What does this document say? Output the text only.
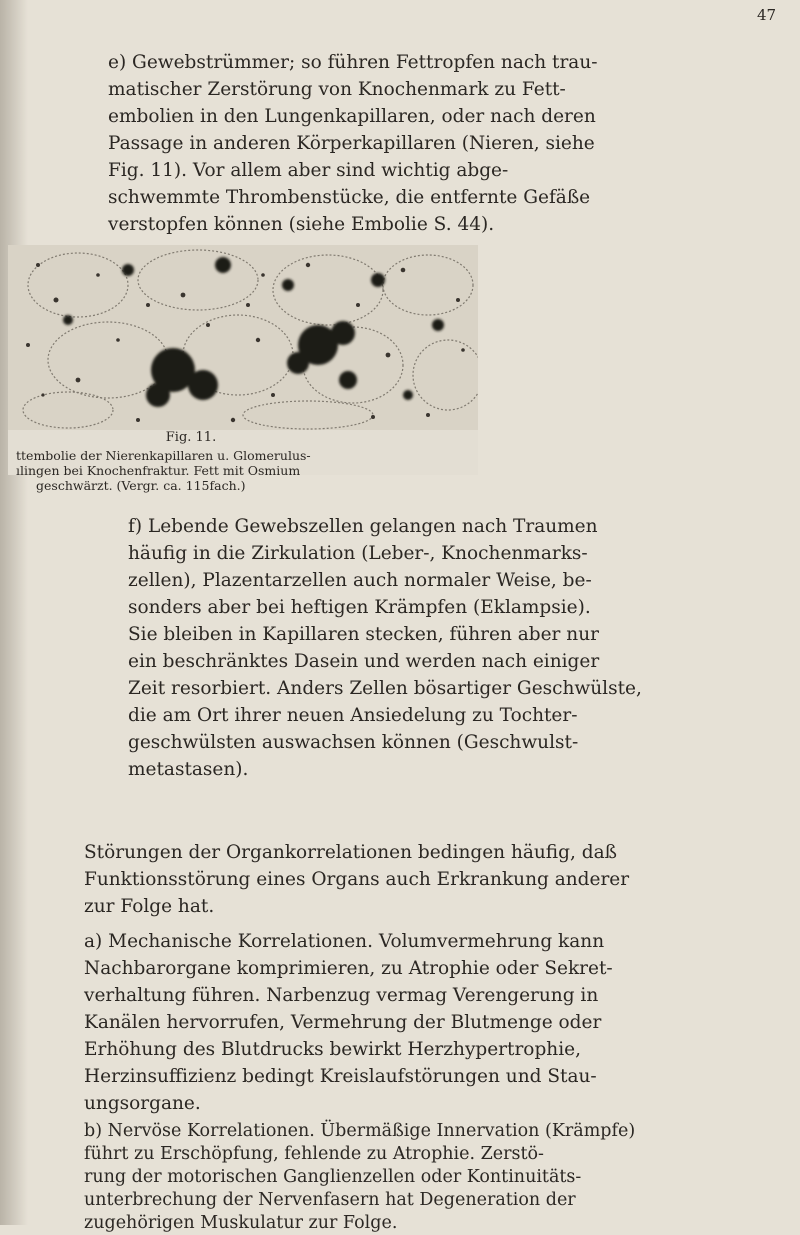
47

e) Gewebstrümmer; so führen Fettropfen nach trau-
matischer Zerstörung von Knochenmark zu Fett-
embolien in den Lungenkapillaren, oder nach deren
Passage in anderen Körperkapillaren (Nieren, siehe
Fig. 11). Vor allem aber sind wichtig abge-
schwemmte Thrombenstücke, die entfernte Gefäße
verstopfen können (siehe Embolie S. 44).

Fig. 11.
ttembolie der Nierenkapillaren u. Glomerulus-
ılingen bei Knochenfraktur. Fett mit Osmium
geschwärzt. (Vergr. ca. 115fach.)

f) Lebende Gewebszellen gelangen nach Traumen
häufig in die Zirkulation (Leber-, Knochenmarks-
zellen), Plazentarzellen auch normaler Weise, be-
sonders aber bei heftigen Krämpfen (Eklampsie).
Sie bleiben in Kapillaren stecken, führen aber nur
ein beschränktes Dasein und werden nach einiger
Zeit resorbiert. Anders Zellen bösartiger Geschwülste,
die am Ort ihrer neuen Ansiedelung zu Tochter-
geschwülsten auswachsen können (Geschwulst-
metastasen).

Störungen der Organkorrelationen bedingen häufig, daß
Funktionsstörung eines Organs auch Erkrankung anderer
zur Folge hat.

a) Mechanische Korrelationen. Volumvermehrung kann
Nachbarorgane komprimieren, zu Atrophie oder Sekret-
verhaltung führen. Narbenzug vermag Verengerung in
Kanälen hervorrufen, Vermehrung der Blutmenge oder
Erhöhung des Blutdrucks bewirkt Herzhypertrophie,
Herzinsuffizienz bedingt Kreislaufstörungen und Stau-
ungsorgane.

b) Nervöse Korrelationen. Übermäßige Innervation (Krämpfe)
führt zu Erschöpfung, fehlende zu Atrophie. Zerstö-
rung der motorischen Ganglienzellen oder Kontinuitäts-
unterbrechung der Nervenfasern hat Degeneration der
zugehörigen Muskulatur zur Folge.
